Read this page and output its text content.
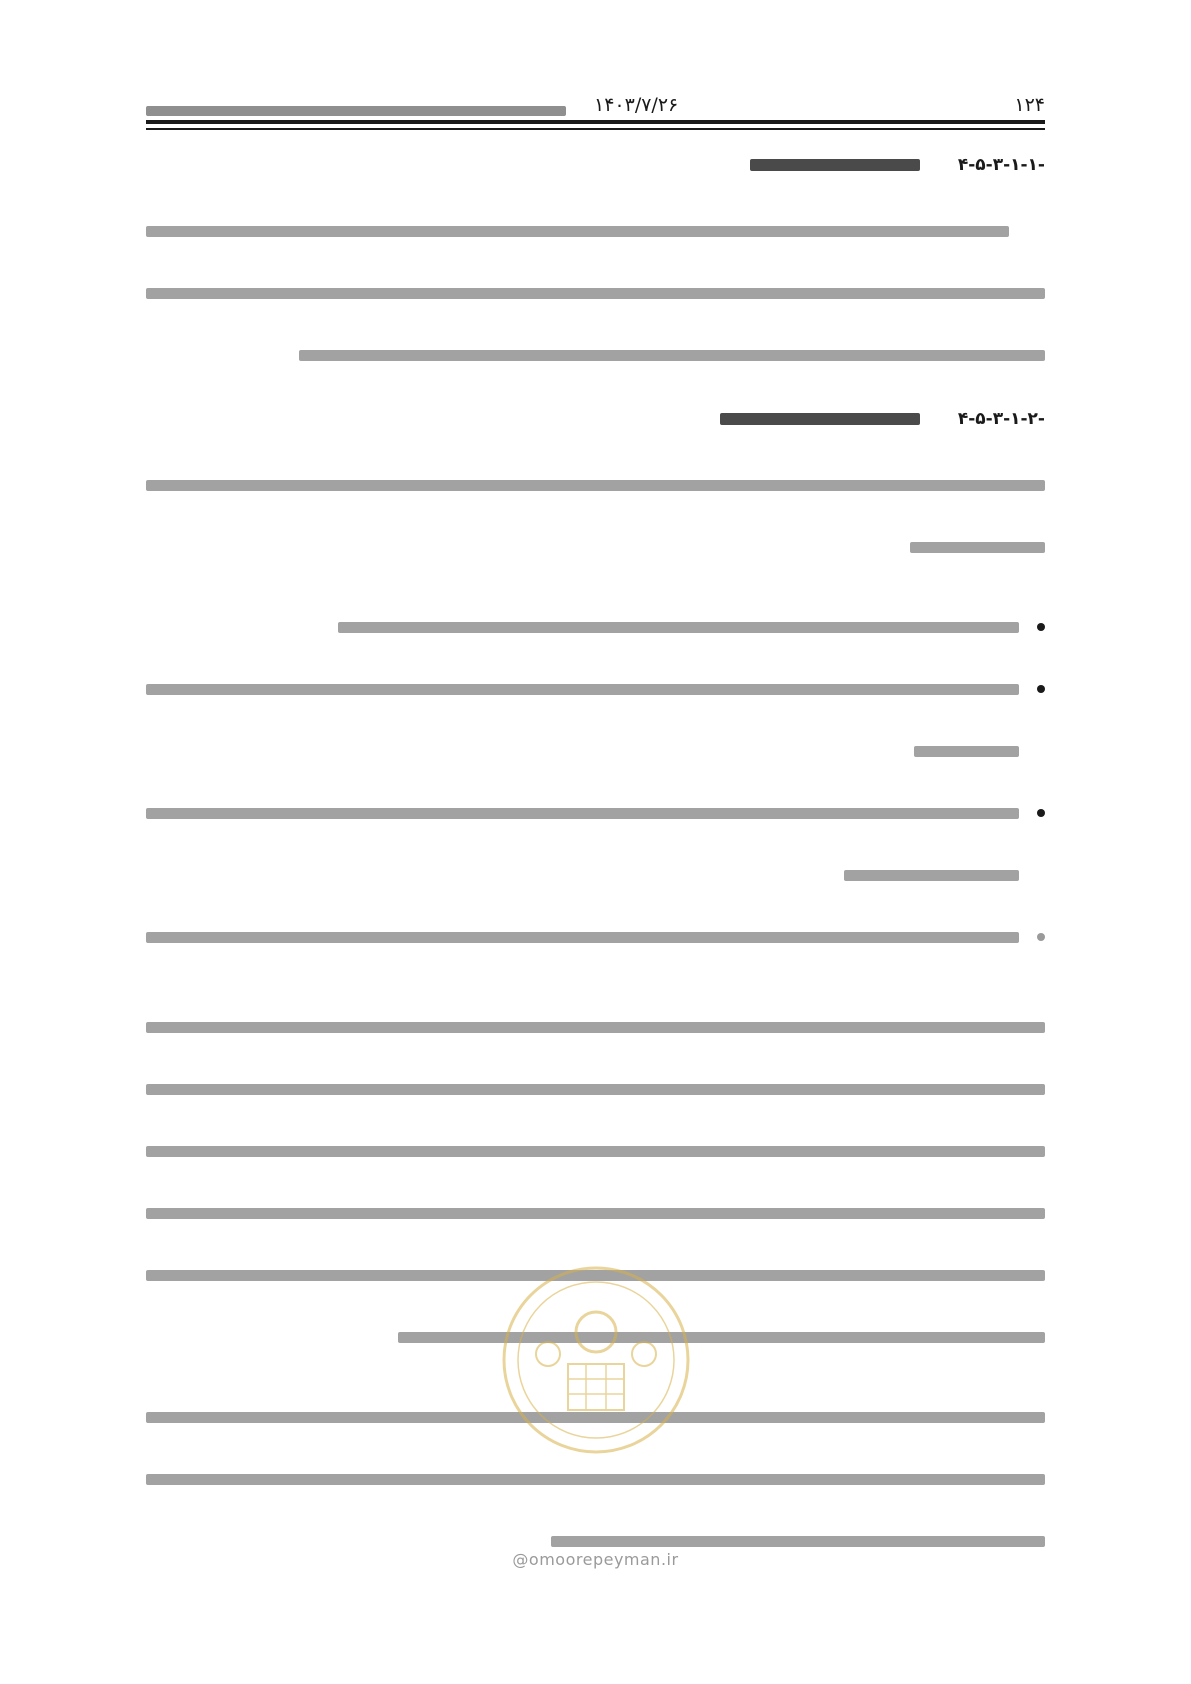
۱۲۴
۱۴۰۳/۷/۲۶
۴-۵-۳-۱-۱-
۴-۵-۳-۱-۲-
@omoorepeyman.ir
